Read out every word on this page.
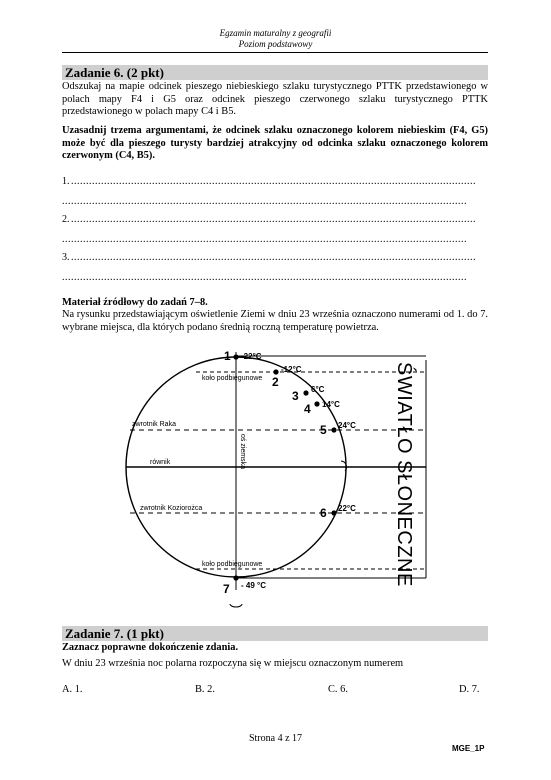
Egzamin maturalny z geografii
Poziom podstawowy
Zadanie 6. (2 pkt)
Odszukaj na mapie odcinek pieszego niebieskiego szlaku turystycznego PTTK przedstawionego w polach mapy F4 i G5 oraz odcinek pieszego czerwonego szlaku turystycznego PTTK przedstawionego w polach mapy C4 i B5.
Uzasadnij trzema argumentami, że odcinek szlaku oznaczonego kolorem niebieskim (F4, G5) może być dla pieszego turysty bardziej atrakcyjny od odcinka szlaku oznaczonego kolorem czerwonym (C4, B5).
1. . . .
. . .
2. . . .
. . .
3. . . .
. . .
Materiał źródłowy do zadań 7–8.
Na rysunku przedstawiającym oświetlenie Ziemi w dniu 23 września oznaczono numerami od 1. do 7. wybrane miejsca, dla których podano średnią roczną temperaturę powietrza.
koło podbiegunowe
zwrotnik Raka
równik
zwrotnik Koziorożca
koło podbiegunowe
oś ziemska	ŚWIATŁO SŁONECZNE
1 -22°C
2
-12°C
3 6°C
4 14°C
5 24°C
6 22°C
7 - 49 °C
Zadanie 7. (1 pkt)
Zaznacz poprawne dokończenie zdania.
W dniu 23 września noc polarna rozpoczyna się w miejscu oznaczonym numerem
A. 1.	B. 2.	C. 6.	D. 7.
Strona 4 z 17
MGE_1P
